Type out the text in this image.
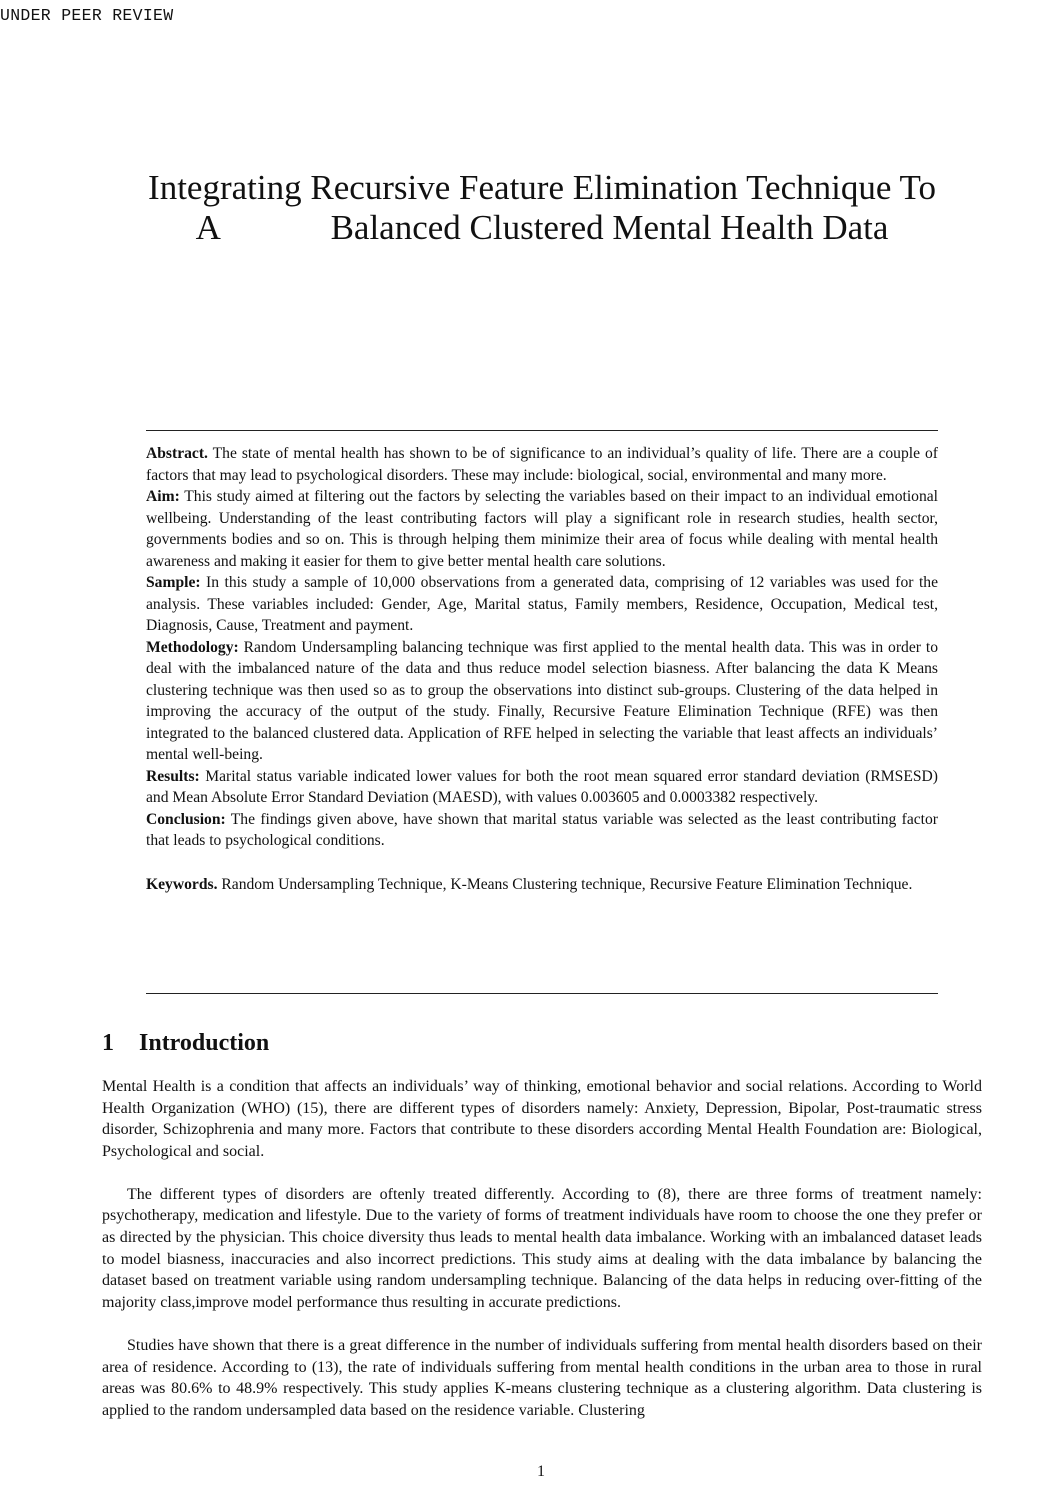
UNDER PEER REVIEW
Integrating Recursive Feature Elimination Technique To
A	Balanced Clustered Mental Health Data

Abstract. The state of mental health has shown to be of significance to an individual’s quality of life. There are a couple of factors that may lead to psychological disorders. These may include: biological, social, environmental and many more.

Aim: This study aimed at filtering out the factors by selecting the variables based on their impact to an individual emotional wellbeing. Understanding of the least contributing factors will play a significant role in research studies, health sector, governments bodies and so on. This is through helping them minimize their area of focus while dealing with mental health awareness and making it easier for them to give better mental health care solutions.

Sample: In this study a sample of 10,000 observations from a generated data, comprising of 12 variables was used for the analysis. These variables included: Gender, Age, Marital status, Family members, Residence, Occupation, Medical test, Diagnosis, Cause, Treatment and payment.

Methodology: Random Undersampling balancing technique was first applied to the mental health data. This was in order to deal with the imbalanced nature of the data and thus reduce model selection biasness. After balancing the data K Means clustering technique was then used so as to group the observations into distinct sub-groups. Clustering of the data helped in improving the accuracy of the output of the study. Finally, Recursive Feature Elimination Technique (RFE) was then integrated to the balanced clustered data. Application of RFE helped in selecting the variable that least affects an individuals’ mental well-being.

Results: Marital status variable indicated lower values for both the root mean squared error standard deviation (RMSESD) and Mean Absolute Error Standard Deviation (MAESD), with values 0.003605 and 0.0003382 respectively.

Conclusion: The findings given above, have shown that marital status variable was selected as the least contributing factor that leads to psychological conditions.

Keywords. Random Undersampling Technique, K-Means Clustering technique, Recursive Feature Elimination Technique.

1 Introduction

Mental Health is a condition that affects an individuals’ way of thinking, emotional behavior and social relations. According to World Health Organization (WHO) (15), there are different types of disorders namely: Anxiety, Depression, Bipolar, Post-traumatic stress disorder, Schizophrenia and many more. Factors that contribute to these disorders according Mental Health Foundation are: Biological, Psychological and social.

The different types of disorders are oftenly treated differently. According to (8), there are three forms of treatment namely: psychotherapy, medication and lifestyle. Due to the variety of forms of treatment individuals have room to choose the one they prefer or as directed by the physician. This choice diversity thus leads to mental health data imbalance. Working with an imbalanced dataset leads to model biasness, inaccuracies and also incorrect predictions. This study aims at dealing with the data imbalance by balancing the dataset based on treatment variable using random undersampling technique. Balancing of the data helps in reducing over-fitting of the majority class,improve model performance thus resulting in accurate predictions.

Studies have shown that there is a great difference in the number of individuals suffering from mental health disorders based on their area of residence. According to (13), the rate of individuals suffering from mental health conditions in the urban area to those in rural areas was 80.6% to 48.9% respectively. This study applies K-means clustering technique as a clustering algorithm. Data clustering is applied to the random undersampled data based on the residence variable. Clustering

1
